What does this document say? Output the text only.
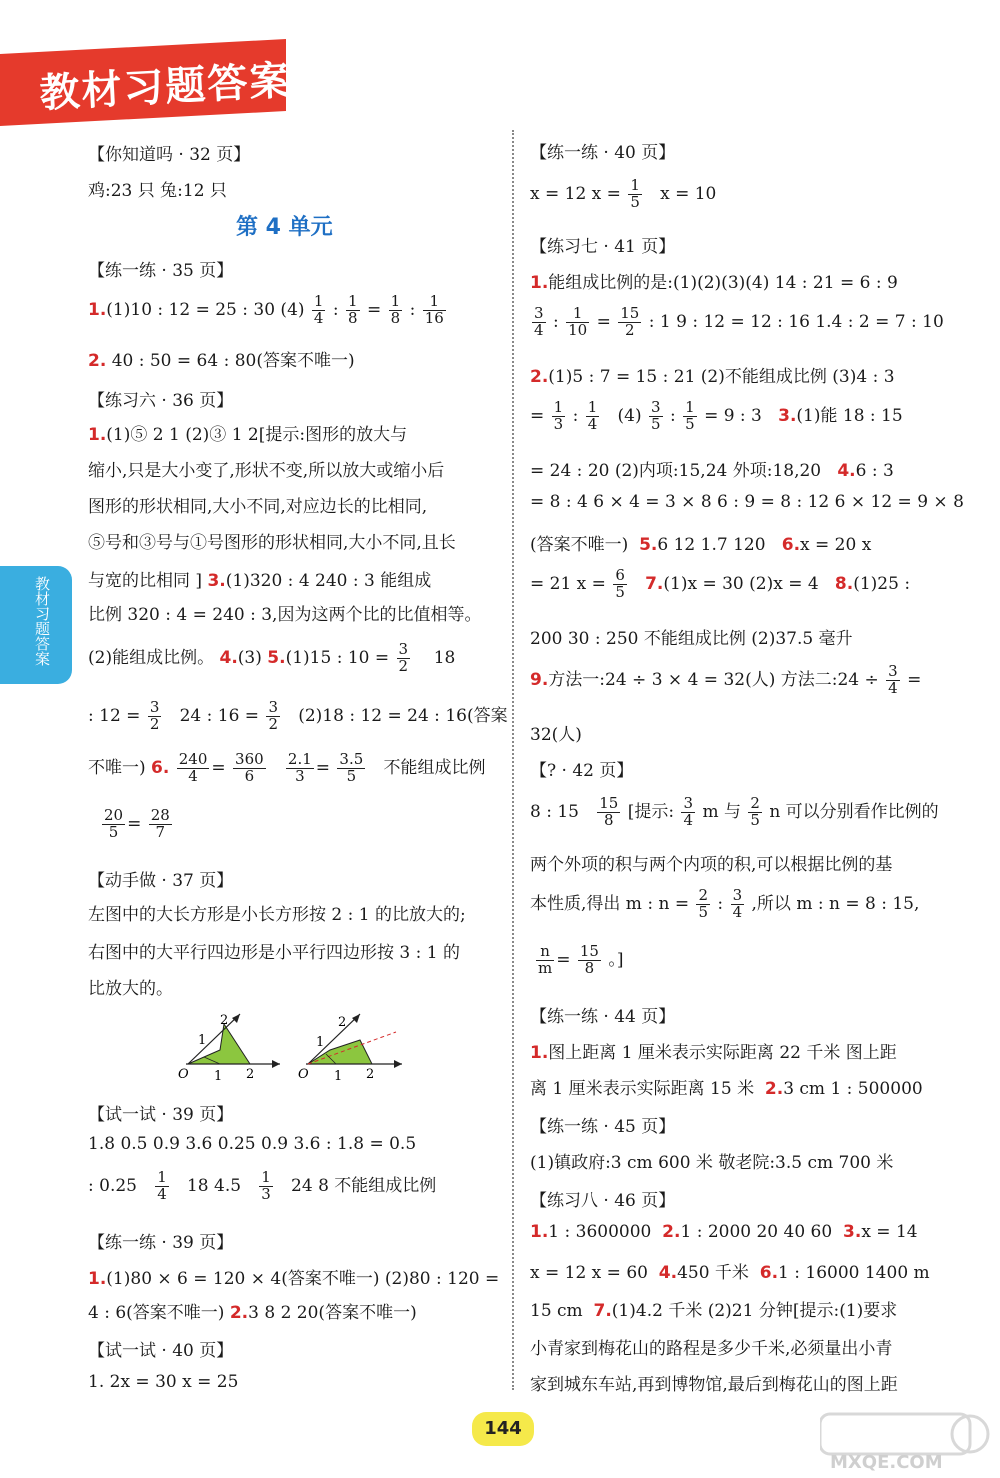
教材习题答案
教材习题答案
【你知道吗 · 32 页】
鸡:23 只 兔:12 只
第 4 单元
【练一练 · 35 页】
1.(1)10 : 12 = 25 : 30 $(4) \frac{1}{4}$ : $\frac{1}{8} = \frac{1}{8}$ : $\frac{1}{16}$
2. 40 : 50 = 64 : 80(答案不唯一)
【练习六 · 36 页】
1.(1)⑤ 2 1 (2)③ 1 2[提示:图形的放大与
缩小,只是大小变了,形状不变,所以放大或缩小后
图形的形状相同,大小不同,对应边长的比相同,
⑤号和③号与①号图形的形状相同,大小不同,且长
与宽的比相同 ] 3.(1)320 : 4 240 : 3 能组成
比例 320 : 4 = 240 : 3,因为这两个比的比值相等。
(2)能组成比例。 4.(3) 5.(1)15 : $10 = \frac{3}{2} 18$
: $12 = \frac{3}{2} 24$ : $16 = \frac{3}{2} (2)18$ : 12 = 24 : 16(答案
不唯一) 6. $\frac{240}{4} = \frac{360}{6}$
$\frac{2.1}{3} = \frac{3.5}{5}$ 不能组成比例
$\frac{20}{5} = \frac{28}{7}$
【动手做 · 37 页】
左图中的大长方形是小长方形按 2 : 1 的比放大的;
右图中的大平行四边形是小平行四边形按 3 : 1 的
比放大的。
1
2
O 1 2
1
2
O 1 2
【试一试 · 39 页】
1.8 0.5 0.9 3.6 0.25 0.9 3.6 : 1.8 = 0.5
: $0.25 \frac{1}{4} 18$ $4.5 \frac{1}{3} 24$ 8 不能组成比例
【练一练 · 39 页】
1.(1)80 × 6 = 120 × 4(答案不唯一) (2)80 : 120 =
4 : 6(答案不唯一) 2.3 8 2 20(答案不唯一)
【试一试 · 40 页】
1. 2x = 30 x = 25
【练一练 · 40 页】
x = 12 $x = \frac{1}{5}$ x = 10
【练习七 · 41 页】
1.能组成比例的是:(1)(2)(3)(4) 14 : 21 = 6 : 9
$\frac{3}{4}$ : $\frac{1}{10} = \frac{15}{2}$ : 1 9 : 12 = 12 : 16 1.4 : 2 = 7 : 10
2.(1)5 : 7 = 15 : 21 (2)不能组成比例 (3)4 : 3
= $\frac{1}{3}$ : $\frac{1}{4} (4) \frac{3}{5}$ : $\frac{1}{5} = 9$ : 3 3.(1)能 18 : 15
= 24 : 20 (2)内项:15,24 外项:18,20 4.6 : 3
= 8 : 4 6 × 4 = 3 × 8 6 : 9 = 8 : 12 6 × 12 = 9 × 8
(答案不唯一) 5.6 12 1.7 120 6.x = 20 x
= 21 $x = \frac{6}{5} 7.(1)x = 30$ (2)x = 4 8.(1)25 :
200 30 : 250 不能组成比例 (2)37.5 毫升
9.方法一:24 ÷ 3 × 4 = 32(人) 方法二:24 ÷ $\frac{3}{4}$ =
32(人)
【? · 42 页】
8 : $15 \frac{15}{8}$ [提示: $\frac{3}{4}$ m 与 $\frac{2}{5}$ n 可以分别看作比例的
两个外项的积与两个内项的积,可以根据比例的基
本性质,得出 m : $n = \frac{2}{5}$ : $\frac{3}{4}$ ,所以 m : n = 8 : 15,
$\frac{n}{m} = \frac{15}{8}$ 。]
【练一练 · 44 页】
1.图上距离 1 厘米表示实际距离 22 千米 图上距
离 1 厘米表示实际距离 15 米 2.3 cm 1 : 500000
【练一练 · 45 页】
(1)镇政府:3 cm 600 米 敬老院:3.5 cm 700 米
【练习八 · 46 页】
1.1 : 3600000 2.1 : 2000 20 40 60 3.x = 14
x = 12 x = 60 4.450 千米 6.1 : 16000 1400 m
15 cm 7.(1)4.2 千米 (2)21 分钟[提示:(1)要求
小青家到梅花山的路程是多少千米,必须量出小青
家到城东车站,再到博物馆,最后到梅花山的图上距
144
MXQE.COM
